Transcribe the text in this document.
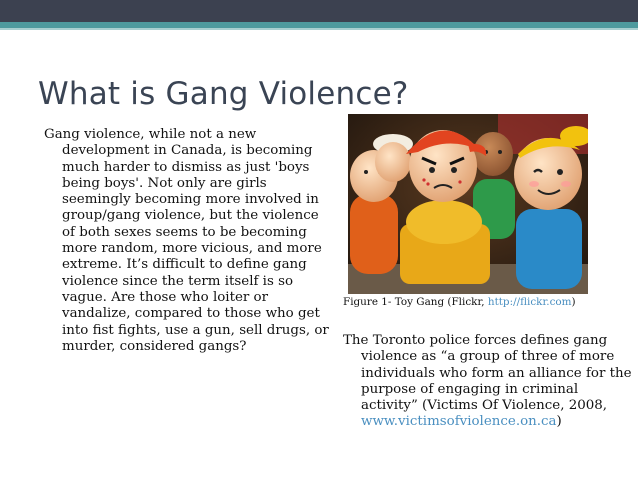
What is Gang Violence?
Gang violence, while not a new development in Canada, is becoming much harder to dismiss as just 'boys being boys'. Not only are girls seemingly becoming more involved in group/gang violence, but the violence of both sexes seems to be becoming more random, more vicious, and more extreme. It’s difficult to define gang violence since the term itself is so vague. Are those who loiter or vandalize, compared to those who get into fist fights, use a gun, sell drugs, or murder, considered gangs?
Figure 1- Toy Gang (Flickr, http://flickr.com)
The Toronto police forces defines gang violence as “a group of three of more individuals who form an alliance for the purpose of engaging in criminal activity” (Victims Of Violence, 2008, www.victimsofviolence.on.ca)
